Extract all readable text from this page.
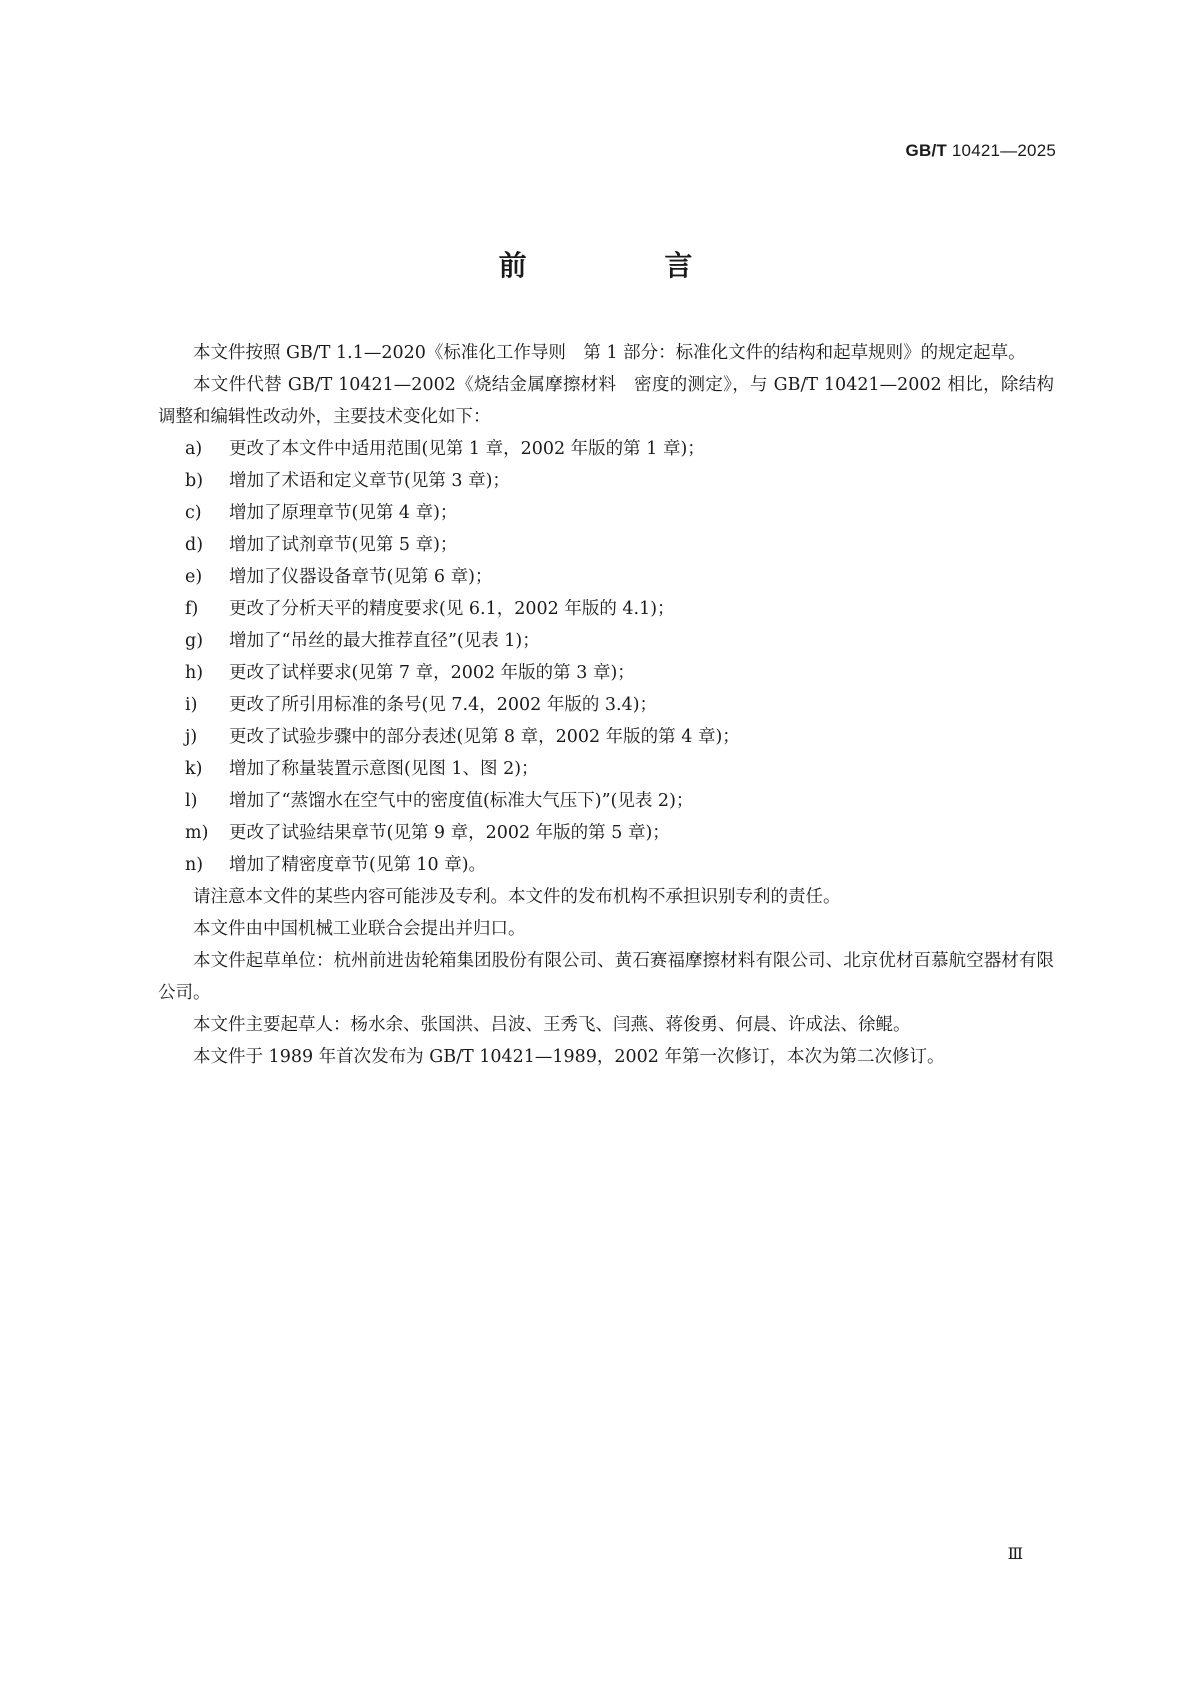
GB/T 10421—2025
前 言

本文件按照 GB/T 1.1—2020《标准化工作导则　第 1 部分：标准化文件的结构和起草规则》的规定起草。

本文件代替 GB/T 10421—2002《烧结金属摩擦材料　密度的测定》，与 GB/T 10421—2002 相比，除结构调整和编辑性改动外，主要技术变化如下：

a)	更改了本文件中适用范围(见第 1 章，2002 年版的第 1 章)；
b)	增加了术语和定义章节(见第 3 章)；
c)	增加了原理章节(见第 4 章)；
d)	增加了试剂章节(见第 5 章)；
e)	增加了仪器设备章节(见第 6 章)；
f)	更改了分析天平的精度要求(见 6.1，2002 年版的 4.1)；
g)	增加了“吊丝的最大推荐直径”(见表 1)；
h)	更改了试样要求(见第 7 章，2002 年版的第 3 章)；
i)	更改了所引用标准的条号(见 7.4，2002 年版的 3.4)；
j)	更改了试验步骤中的部分表述(见第 8 章，2002 年版的第 4 章)；
k)	增加了称量装置示意图(见图 1、图 2)；
l)	增加了“蒸馏水在空气中的密度值(标准大气压下)”(见表 2)；
m)	更改了试验结果章节(见第 9 章，2002 年版的第 5 章)；
n)	增加了精密度章节(见第 10 章)。

请注意本文件的某些内容可能涉及专利。本文件的发布机构不承担识别专利的责任。

本文件由中国机械工业联合会提出并归口。

本文件起草单位：杭州前进齿轮箱集团股份有限公司、黄石赛福摩擦材料有限公司、北京优材百慕航空器材有限公司。

本文件主要起草人：杨水余、张国洪、吕波、王秀飞、闫燕、蒋俊勇、何晨、许成法、徐鲲。

本文件于 1989 年首次发布为 GB/T 10421—1989，2002 年第一次修订，本次为第二次修订。

Ⅲ
